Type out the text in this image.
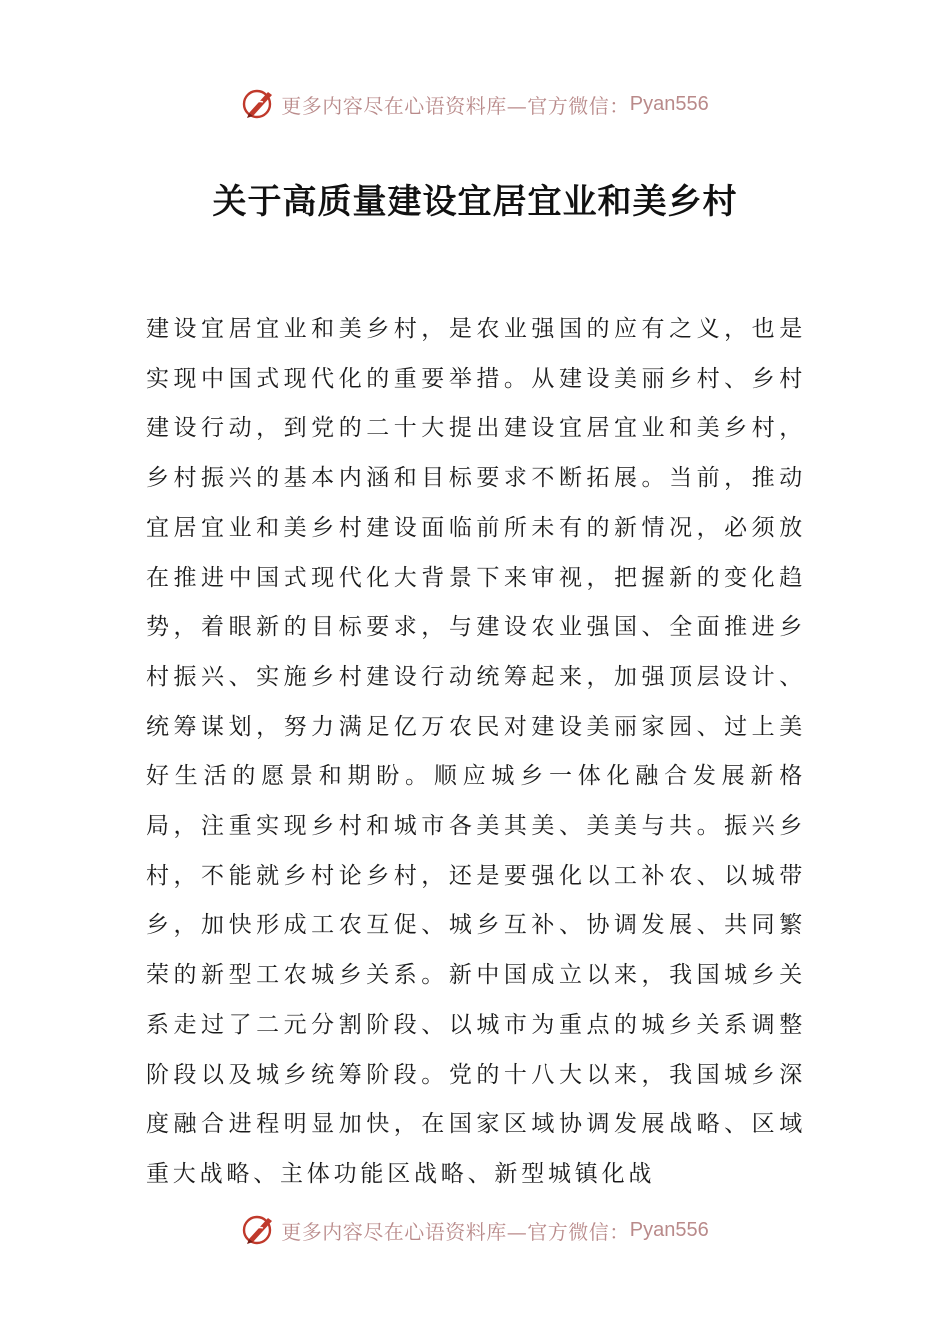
更多内容尽在心语资料库—官方微信： Pyan556
关于高质量建设宜居宜业和美乡村

建设宜居宜业和美乡村，是农业强国的应有之义，也是实现中国式现代化的重要举措。从建设美丽乡村、乡村建设行动，到党的二十大提出建设宜居宜业和美乡村，乡村振兴的基本内涵和目标要求不断拓展。当前，推动宜居宜业和美乡村建设面临前所未有的新情况，必须放在推进中国式现代化大背景下来审视，把握新的变化趋势，着眼新的目标要求，与建设农业强国、全面推进乡村振兴、实施乡村建设行动统筹起来，加强顶层设计、统筹谋划，努力满足亿万农民对建设美丽家园、过上美好生活的愿景和期盼。顺应城乡一体化融合发展新格局，注重实现乡村和城市各美其美、美美与共。振兴乡村，不能就乡村论乡村，还是要强化以工补农、以城带乡，加快形成工农互促、城乡互补、协调发展、共同繁荣的新型工农城乡关系。新中国成立以来，我国城乡关系走过了二元分割阶段、以城市为重点的城乡关系调整阶段以及城乡统筹阶段。党的十八大以来，我国城乡深度融合进程明显加快，在国家区域协调发展战略、区域重大战略、主体功能区战略、新型城镇化战

更多内容尽在心语资料库—官方微信： Pyan556
